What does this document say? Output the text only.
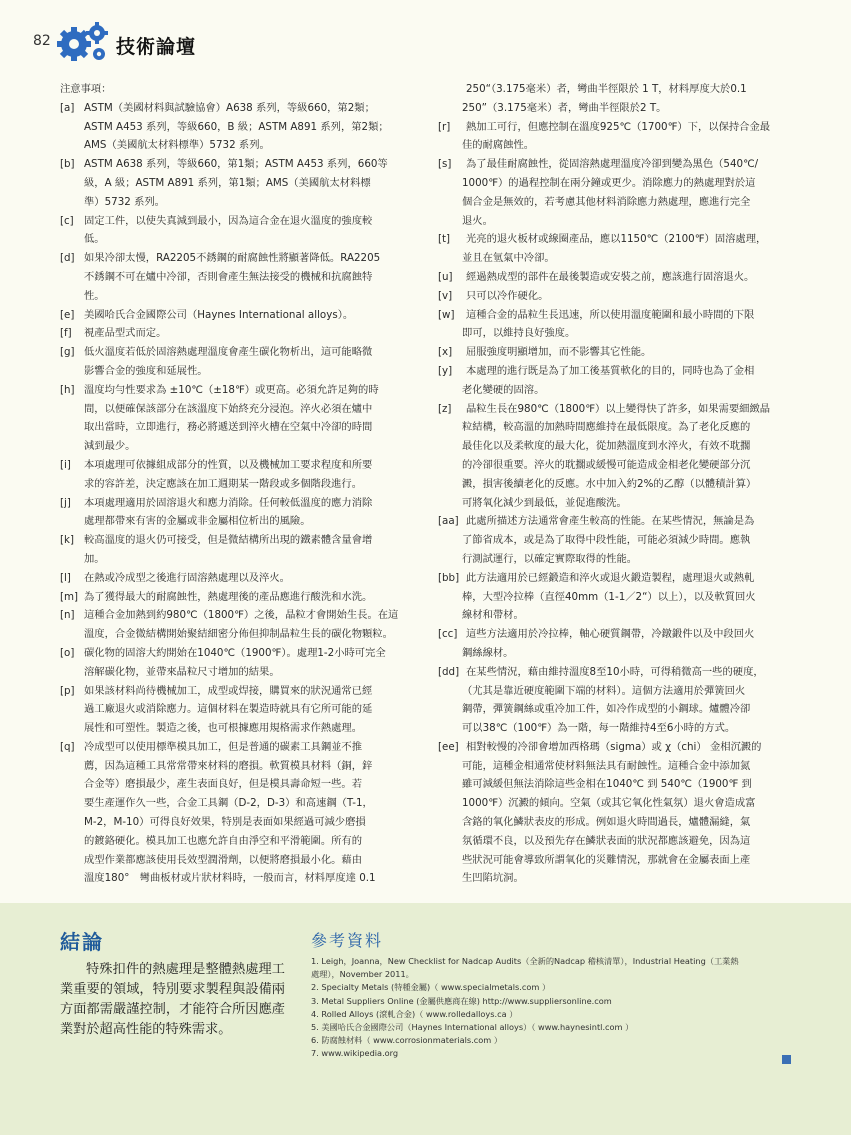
82	技術論壇

注意事項：

[a] ASTM（美國材料與試驗協會）A638 系列，等級660，第2類；
ASTM A453 系列，等級660，B 級；ASTM A891 系列，第2類；
AMS（美國航太材料標準）5732 系列。
[b] ASTM A638 系列，等級660，第1類；ASTM A453 系列，660等
級，A 級；ASTM A891 系列，第1類；AMS（美國航太材料標
準）5732 系列。
[c] 固定工件，以使失真減到最小，因為這合金在退火溫度的強度較
低。
[d] 如果冷卻太慢，RA2205不銹鋼的耐腐蝕性將顯著降低。RA2205
不銹鋼不可在爐中冷卻，否則會產生無法接受的機械和抗腐蝕特
性。
[e] 美國哈氏合金國際公司（Haynes International alloys）。
[f]	視產品型式而定。
[g] 低火溫度若低於固溶熱處理溫度會產生碳化物析出，這可能略微
影響合金的強度和延展性。
[h] 溫度均勻性要求為 ±10℃（±18℉）或更高。必須允許足夠的時
間，以便確保該部分在該溫度下始終充分浸泡。淬火必須在爐中
取出當時，立即進行，務必將遞送到淬火槽在空氣中冷卻的時間
減到最少。
[i]	本項處理可依據組成部分的性質，以及機械加工要求程度和所要
求的容許差，決定應該在加工週期某一階段或多個階段進行。
[j]	本項處理適用於固溶退火和應力消除。任何較低溫度的應力消除
處理都帶來有害的金屬或非金屬相位析出的風險。
[k] 較高溫度的退火仍可接受，但是微結構所出現的鐵素體含量會增
加。
[l]	在熱或冷成型之後進行固溶熱處理以及淬火。
[m] 為了獲得最大的耐腐蝕性，熱處理後的產品應進行酸洗和水洗。
[n] 這種合金加熱到約980℃（1800℉）之後，晶粒才會開始生長。在這
溫度，合金微結構開始聚結細密分佈但抑制晶粒生長的碳化物顆粒。
[o] 碳化物的固溶大約開始在1040℃（1900℉）。處理1-2小時可完全
溶解碳化物，並帶來晶粒尺寸增加的結果。
[p] 如果該材料尚待機械加工，成型或焊接，購買來的狀況通常已經
過工廠退火或消除應力。這個材料在製造時就具有它所可能的延
展性和可塑性。製造之後，也可根據應用規格需求作熱處理。
[q] 冷成型可以使用標準模具加工，但是普通的碳素工具鋼並不推
薦，因為這種工具常常帶來材料的磨損。軟質模具材料（銅，鋅
合金等）磨損最少，產生表面良好，但是模具壽命短一些。若
要生產運作久一些，合金工具鋼（D-2，D-3）和高速鋼（T-1，
M-2，M-10）可得良好效果，特別是表面如果經過可減少磨損
的鍍鉻硬化。模具加工也應允許自由淨空和平滑範圍。所有的
成型作業都應該使用長效型潤滑劑，以便將磨損最小化。藉由
溫度180°　彎曲板材或片狀材料時，一般而言，材料厚度達 0.1
250“（3.175毫米）者，彎曲半徑限於 1 T，材料厚度大於0.1
250”（3.175毫米）者，彎曲半徑限於2 T。
[r]	熱加工可行，但應控制在溫度925℃（1700℉）下，以保持合金最
佳的耐腐蝕性。
[s]	為了最佳耐腐蝕性，從固溶熱處理溫度冷卻到變為黑色（540℃/
1000℉）的過程控制在兩分鐘或更少。消除應力的熱處理對於這
個合金是無效的，若考慮其他材料消除應力熱處理，應進行完全
退火。
[t]	光亮的退火板材或線圈產品，應以1150℃（2100℉）固溶處理，
並且在氫氣中冷卻。
[u]	經過熱成型的部件在最後製造或安裝之前，應該進行固溶退火。
[v]	只可以冷作硬化。
[w]	這種合金的晶粒生長迅速，所以使用溫度範圍和最小時間的下限
即可，以維持良好強度。
[x]	屈服強度明顯增加，而不影響其它性能。
[y]	本處理的進行既是為了加工後基質軟化的目的，同時也為了金相
老化變硬的固溶。
[z]	晶粒生長在980℃（1800℉）以上變得快了許多，如果需要細緻晶
粒結構，較高溫的加熱時間應維持在最低限度。為了老化反應的
最佳化以及柔軟度的最大化，從加熱溫度到水淬火，有效不耽擱
的冷卻很重要。淬火的耽擱或緩慢可能造成金相老化變硬部分沉
澱，損害後續老化的反應。水中加入約2%的乙醇（以體積計算）
可將氧化減少到最低，並促進酸洗。
[aa] 此處所描述方法通常會產生較高的性能。在某些情況，無論是為
了節省成本，或是為了取得中段性能，可能必須減少時間。應執
行測試運行，以確定實際取得的性能。
[bb] 此方法適用於已經鍛造和淬火或退火鍛造製程，處理退火或熱軋
棒，大型冷拉棒（直徑40mm（1-1／2“）以上），以及軟質回火
線材和帶材。
[cc] 這些方法適用於冷拉棒，軸心硬質鋼帶，冷鐓鍛件以及中段回火
鋼絲線材。
[dd] 在某些情況，藉由維持溫度8至10小時，可得稍微高一些的硬度，
（尤其是靠近硬度範圍下端的材料）。這個方法適用於彈簧回火
鋼帶，彈簧鋼絲或重冷加工件，如冷作成型的小鋼球。爐體冷卻
可以38℃（100℉）為一階，每一階維持4至6小時的方式。
[ee] 相對較慢的冷卻會增加西格瑪（sigma）或 χ（chi） 金相沉澱的
可能，這種金相通常使材料無法具有耐蝕性。這種合金中添加氮
雖可減緩但無法消除這些金相在1040℃ 到 540℃（1900℉ 到
1000℉）沉澱的傾向。空氣（或其它氧化性氣氛）退火會造成富
含鉻的氧化鱗狀表皮的形成。例如退火時間過長，爐體漏縫，氣
氛循環不良，以及預先存在鱗狀表面的狀況都應該避免，因為這
些狀況可能會導致所謂氧化的災難情況，那就會在金屬表面上產
生凹陷坑洞。
結論

特殊扣件的熱處理是整體熱處理工業重要的領域，特別要求製程與設備兩方面都需嚴謹控制，才能符合所因應產業對於超高性能的特殊需求。

參考資料
1. Leigh，Joanna，New Checklist for Nadcap Audits（全新的Nadcap 稽核清單），Industrial Heating（工業熱
處理），November 2011。
2. Specialty Metals (特種金屬)（ www.specialmetals.com ）
3. Metal Suppliers Online (金屬供應商在線) http://www.suppliersonline.com
4. Rolled Alloys (滾軋合金)（ www.rolledalloys.ca ）
5. 美國哈氏合金國際公司（Haynes International alloys）（ www.haynesintl.com ）
6. 防腐蝕材料（ www.corrosionmaterials.com ）
7. www.wikipedia.org
